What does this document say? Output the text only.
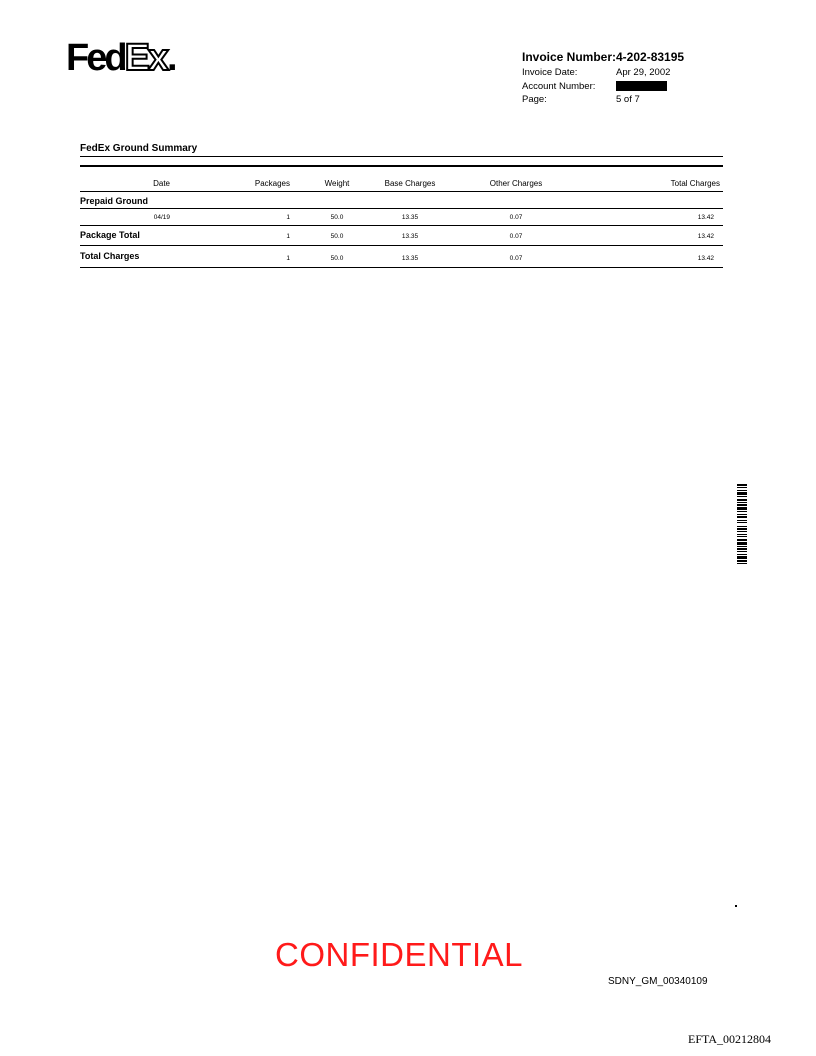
FedEx.	Invoice Number: 4-202-83195
Invoice Date:	Apr 29, 2002
Account Number:
Page:	5 of 7
FedEx Ground Summary
Date	Packages	Weight	Base Charges	Other Charges	Total Charges
Prepaid Ground
04/19	1	50.0	13.35	0.07	13.42
Package Total	1	50.0	13.35	0.07	13.42
Total Charges	1	50.0	13.35	0.07	13.42
CONFIDENTIAL
SDNY_GM_00340109
EFTA_00212804
